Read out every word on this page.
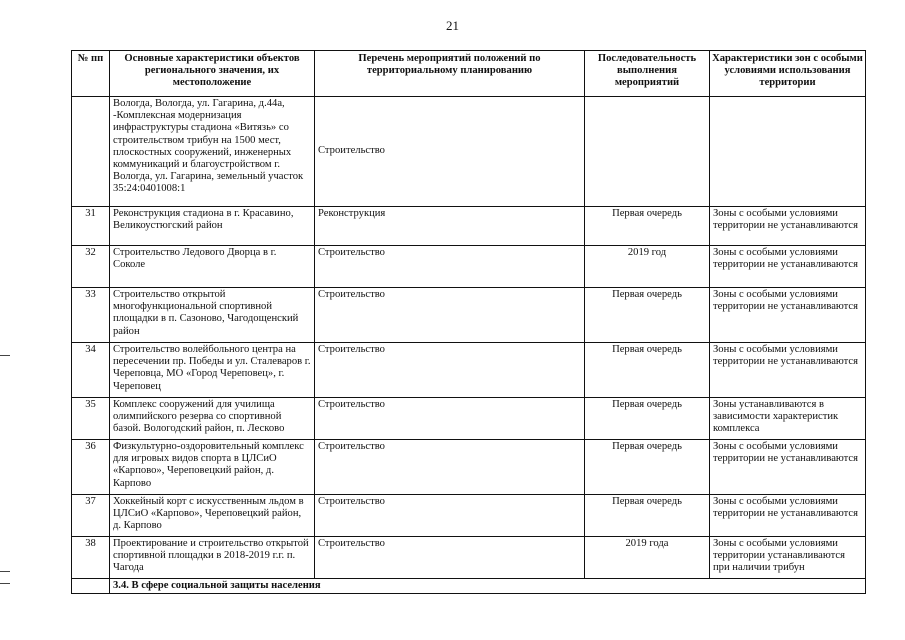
21
№ пп	Основные характеристики объектов регионального значения, их местоположение	Перечень мероприятий положений по территориальному планированию	Последовательность выполнения мероприятий	Характеристики зон с особыми условиями использования территории
	Вологда, Вологда, ул. Гагарина, д.44а, -Комплексная модернизация инфраструктуры стадиона «Витязь» со строительством трибун на 1500 мест, плоскостных сооружений, инженерных коммуникаций и благоустройством г. Вологда, ул. Гагарина, земельный участок 35:24:0401008:1	Строительство		
31	Реконструкция стадиона в г. Красавино, Великоустюгский район	Реконструкция	Первая очередь	Зоны с особыми условиями территории не устанавливаются
32	Строительство Ледового Дворца в г. Соколе	Строительство	2019 год	Зоны с особыми условиями территории не устанавливаются
33	Строительство открытой многофункциональной спортивной площадки в п. Сазоново, Чагодощенский район	Строительство	Первая очередь	Зоны с особыми условиями территории не устанавливаются
34	Строительство волейбольного центра на пересечении пр. Победы и ул. Сталеваров г. Череповца, МО «Город Череповец», г. Череповец	Строительство	Первая очередь	Зоны с особыми условиями территории не устанавливаются
35	Комплекс сооружений для училища олимпийского резерва со спортивной базой. Вологодский район, п. Лесково	Строительство	Первая очередь	Зоны устанавливаются в зависимости характеристик комплекса
36	Физкультурно-оздоровительный комплекс для игровых видов спорта в ЦЛСиО «Карпово», Череповецкий район, д. Карпово	Строительство	Первая очередь	Зоны с особыми условиями территории не устанавливаются
37	Хоккейный корт с искусственным льдом в ЦЛСиО «Карпово», Череповецкий район, д. Карпово	Строительство	Первая очередь	Зоны с особыми условиями территории не устанавливаются
38	Проектирование и строительство открытой спортивной площадки в 2018-2019 г.г. п. Чагода	Строительство	2019 года	Зоны с особыми условиями территории устанавливаются при наличии трибун
	3.4. В сфере социальной защиты населения			
